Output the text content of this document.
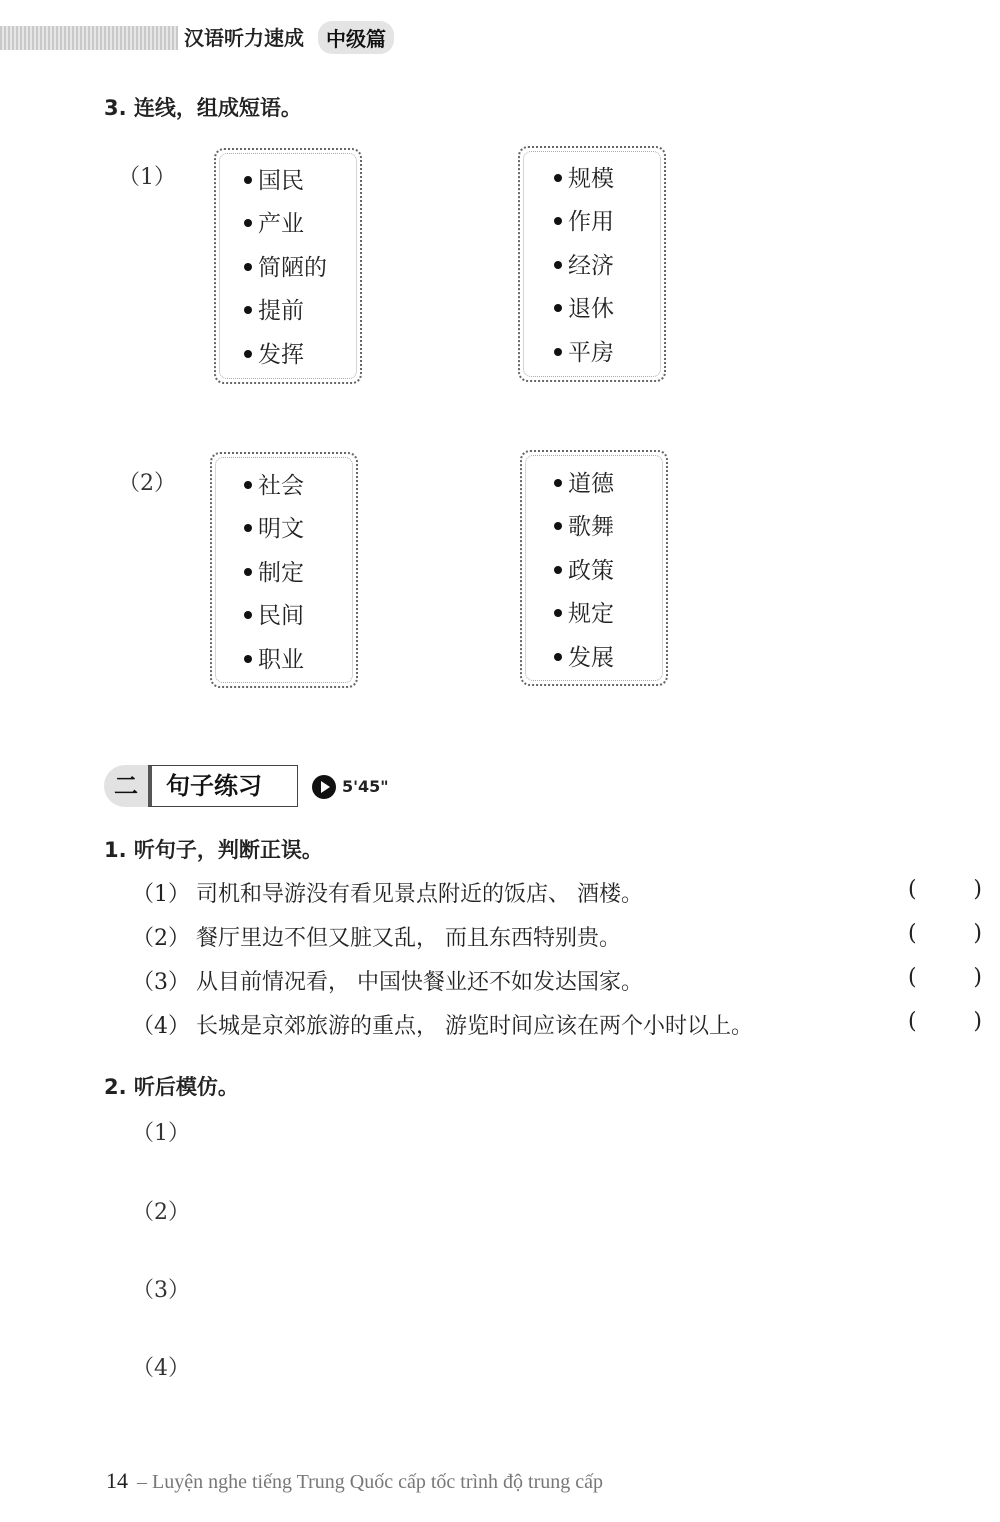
汉语听力速成	中级篇
3. 连线，组成短语。
（1）	国民
产业
简陋的
提前
发挥
规模
作用
经济
退休
平房
（2）	社会
明文
制定
民间
职业
道德
歌舞
政策
规定
发展
二	句子练习	5'45"
1. 听句子，判断正误。
（1） 司机和导游没有看见景点附近的饭店、 酒楼。	(	)
（2） 餐厅里边不但又脏又乱， 而且东西特别贵。	(	)
（3） 从目前情况看， 中国快餐业还不如发达国家。	(	)
（4） 长城是京郊旅游的重点， 游览时间应该在两个小时以上。	(	)
2. 听后模仿。
（1）
（2）
（3）
（4）
14 – Luyện nghe tiếng Trung Quốc cấp tốc trình độ trung cấp
